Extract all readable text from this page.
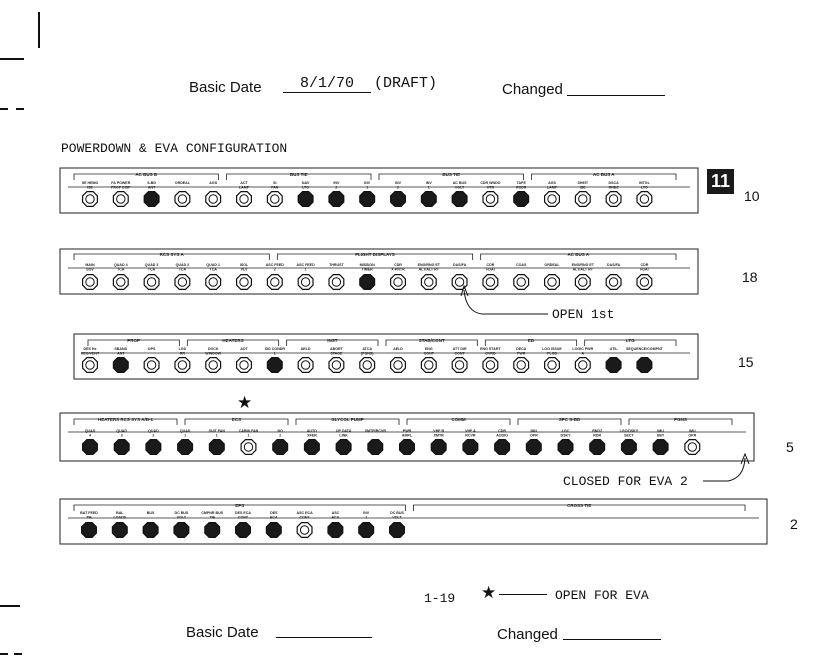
Basic Date	8/1/70	(DRAFT)	Changed
POWERDOWN & EVA CONFIGURATION
11
AC BUS B	BUS TIE	BUS TIE	AC BUS A
SE HEMO
ISE
FA POWER
PROP DISP
S-BD
ANT
ORDEAL	AGS	ACT
LAMP
SI
FAN
NAV
LTG
INV
2
INV
1
INV
2
INV
1
AC BUS
VOLT
CDR WNDO
HTR
TAPE
RCDR
AGS
LAMP
SHEIT
ISE
DSCA
RNDZ
INTGL
LTG
RCS SYS A	FLIGHT DISPLAYS	AC BUS A
MAIN
SOV
QUAD 4
TCA
QUAD 3
TCA
QUAD 2
TCA
QUAD 1
TCA
ISOL
VLV
ASC FEED
2
ASC FEED
1
THRUST	MISSION
TIMER
CDR
X-PNTR
ENG/RNG ET
ALT/ALT RT
DAS/FA	CDR
FDAI
COAS	ORDEAL	ENG/RNG ET
ALT/ALT RT
DAS/FA	CDR
FDAI
PROP	HEATERS	INST	STAB/CONT	ED	LTG
DES He
REG/VENT
SBAND
ANT
OPS	LGD
RR
DOCK
WINDOW
AOT	SIG CONDR
1
AELD	ABORT
STAGE
ATCA
(PGNS)
AELD	ENG
CONT
ATT DIR
CONT
ENG START
OVRD
DECA
PWR
LOG ISSUE
PLGD
LOGIC PWR
A
UTIL SEQUENCE/COMPNT
HEATERS RCS SYS A/B-1	ECS	GLYCOL PUMP	COMM	SPC S-BD	PGNS
QUAD
4
QUAD
3
QUAD
2
QUAD
1
SUIT FAN
1
CABIN FAN
1
NO
2
AUTO
XFER
UP DATA
LINK
XMTR/RCVR	PWR
AMPL
VHF B
XMTR
VHF A
RCVR
CDR
AUDIO
IMU
OPR
LGC
DSKY
RNDZ
RDR
LGC/DSKY
SECT
IMU
SBY
IMU
OPR
EPS	CROSS TIE
BAT FEED
TIE
BAL
LOADS
BUS	DC BUS
VOLT
CMPNR BUS
TIE
DES ECA
CONT
DES
ECA
ASC ECA
CONT
ASC
ECA
INV
1
DC BUS
VOLT
10
18
15
5
2
OPEN 1st
CLOSED FOR EVA 2
★
1-19 ★	OPEN FOR EVA
Basic Date	Changed
